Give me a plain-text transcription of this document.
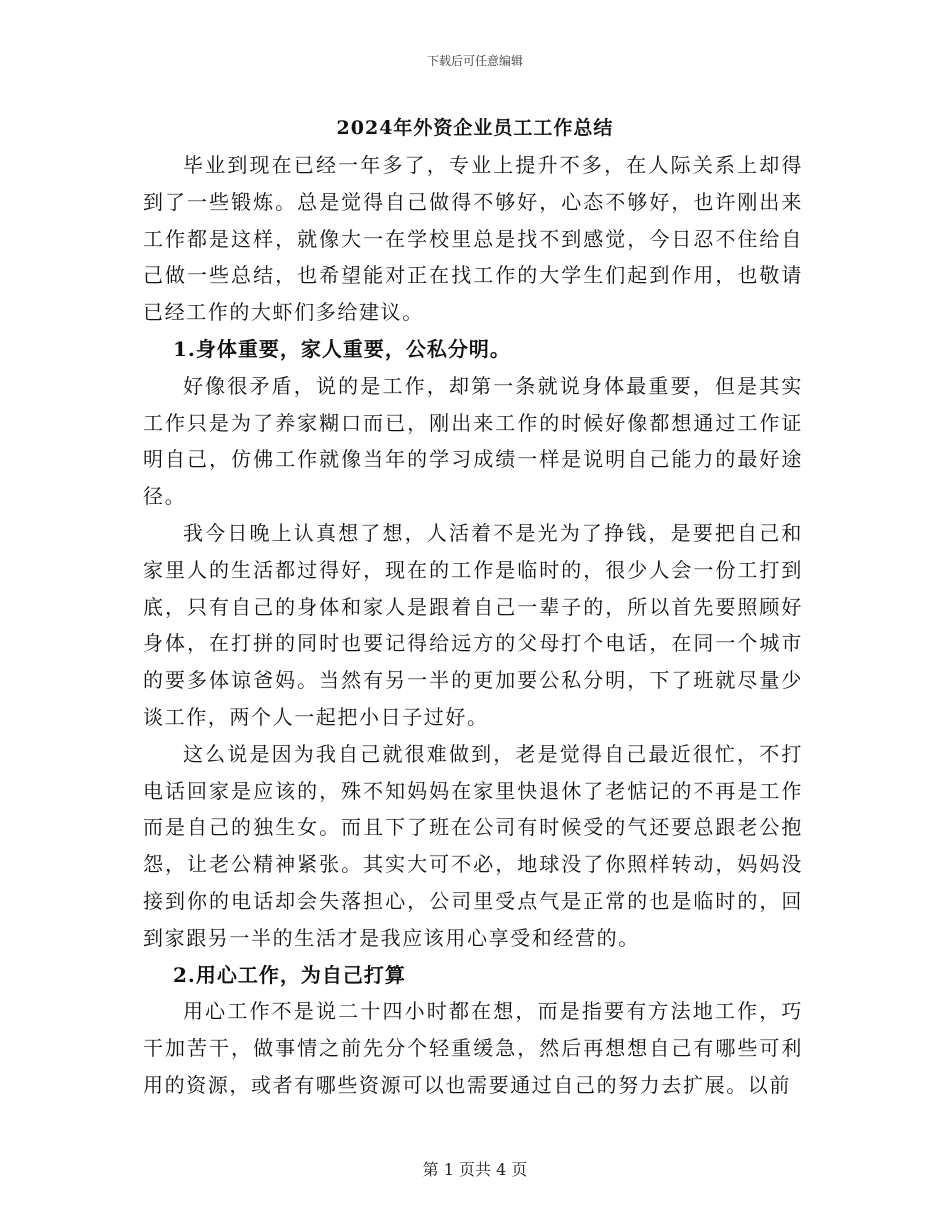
下载后可任意编辑
2024年外资企业员工工作总结

毕业到现在已经一年多了，专业上提升不多，在人际关系上却得到了一些锻炼。总是觉得自己做得不够好，心态不够好，也许刚出来工作都是这样，就像大一在学校里总是找不到感觉，今日忍不住给自己做一些总结，也希望能对正在找工作的大学生们起到作用，也敬请已经工作的大虾们多给建议。

1.身体重要，家人重要，公私分明。

好像很矛盾，说的是工作，却第一条就说身体最重要，但是其实工作只是为了养家糊口而已，刚出来工作的时候好像都想通过工作证明自己，仿佛工作就像当年的学习成绩一样是说明自己能力的最好途径。

我今日晚上认真想了想，人活着不是光为了挣钱，是要把自己和家里人的生活都过得好，现在的工作是临时的，很少人会一份工打到底，只有自己的身体和家人是跟着自己一辈子的，所以首先要照顾好身体，在打拼的同时也要记得给远方的父母打个电话，在同一个城市的要多体谅爸妈。当然有另一半的更加要公私分明，下了班就尽量少谈工作，两个人一起把小日子过好。

这么说是因为我自己就很难做到，老是觉得自己最近很忙，不打电话回家是应该的，殊不知妈妈在家里快退休了老惦记的不再是工作而是自己的独生女。而且下了班在公司有时候受的气还要总跟老公抱怨，让老公精神紧张。其实大可不必，地球没了你照样转动，妈妈没接到你的电话却会失落担心，公司里受点气是正常的也是临时的，回到家跟另一半的生活才是我应该用心享受和经营的。

2.用心工作，为自己打算

用心工作不是说二十四小时都在想，而是指要有方法地工作，巧干加苦干，做事情之前先分个轻重缓急，然后再想想自己有哪些可利用的资源，或者有哪些资源可以也需要通过自己的努力去扩展。以前

第 1 页共 4 页
